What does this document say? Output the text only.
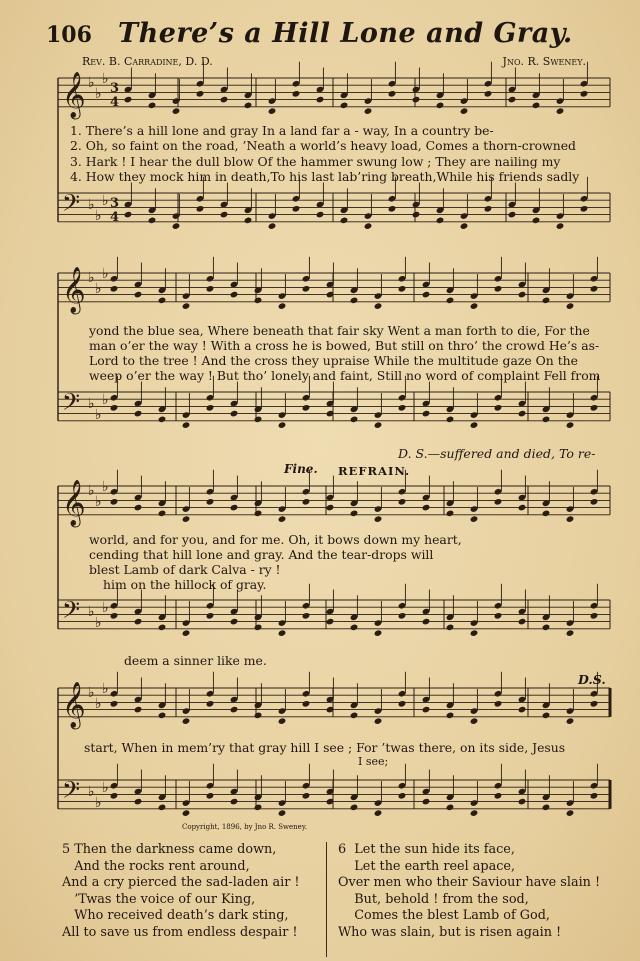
106 There’s a Hill Lone and Gray.
Rev. B. Carradine, D. D.	Jno. R. Sweney.
𝄞 ♭
♭
♭
𝄢 ♭
♭
♭
3
4
3
4
𝄞 ♭
♭
♭
𝄢 ♭
♭
♭
𝄞 ♭
♭
♭
𝄢 ♭
♭
♭
𝄞 ♭
♭
♭
𝄢 ♭
♭
♭
1. There’s a hill lone and gray In a land far a - way, In a country be-
2. Oh, so faint on the road, ’Neath a world’s heavy load, Comes a thorn-crowned
3. Hark ! I hear the dull blow Of the hammer swung low ; They are nailing my
4. How they mock him in death,To his last lab’ring breath,While his friends sadly
yond the blue sea, Where beneath that fair sky Went a man forth to die, For the
man o’er the way ! With a cross he is bowed, But still on thro’ the crowd He’s as-
Lord to the tree ! And the cross they upraise While the multitude gaze On the
weep o’er the way ! But tho’ lonely and faint, Still no word of complaint Fell from
D. S.—suffered and died, To re-
Fine. REFRAIN.
world, and for you, and for me. Oh, it bows down my heart,
cending that hill lone and gray. And the tear-drops will
blest Lamb of dark Calva - ry !
him on the hillock of gray.
deem a sinner like me.
D.S.
start, When in mem’ry that gray hill I see ; For ’twas there, on its side, Jesus
I see;
Copyright, 1896, by Jno R. Sweney.
5 Then the darkness came down,
And the rocks rent around,
And a cry pierced the sad-laden air !
’Twas the voice of our King,
Who received death’s dark sting,
All to save us from endless despair !
6  Let the sun hide its face,
Let the earth reel apace,
Over men who their Saviour have slain !
But, behold ! from the sod,
Comes the blest Lamb of God,
Who was slain, but is risen again !
